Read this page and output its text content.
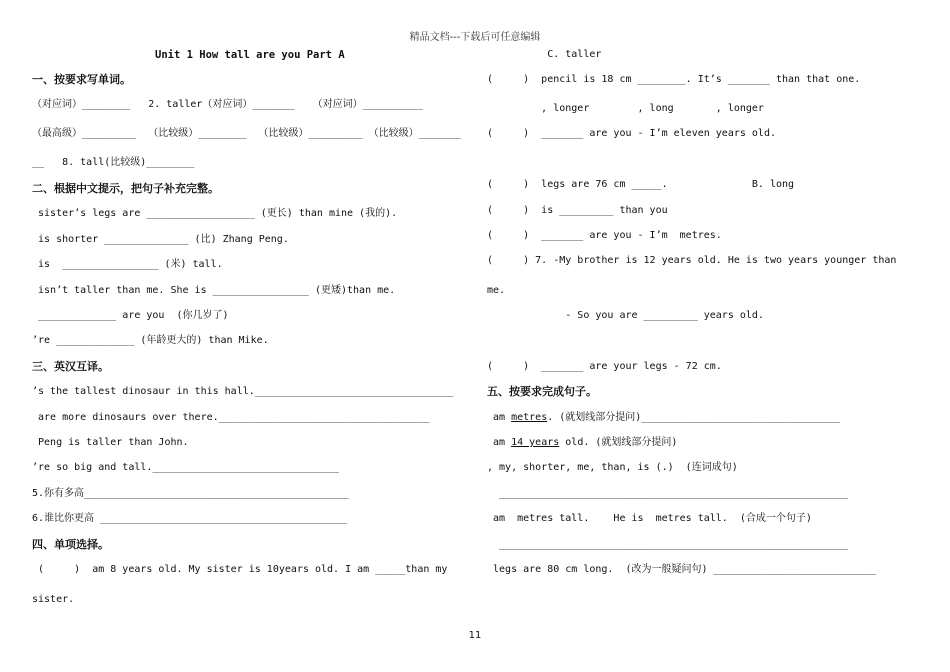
精品文档---下载后可任意编辑
Unit 1 How tall are you Part A
一、按要求写单词。
（对应词）________   2. taller（对应词）_______   （对应词）__________
（最高级）_________  （比较级）________  （比较级）_________ （比较级）_______
__   8. tall(比较级)________
二、根据中文提示，把句子补充完整。
sister’s legs are __________________ (更长) than mine (我的).
is shorter ______________ (比) Zhang Peng.
is  ________________ (米) tall.
isn’t taller than me. She is ________________ (更矮)than me.
_____________ are you  (你几岁了)
’re _____________ (年龄更大的) than Mike.
三、英汉互译。
’s the tallest dinosaur in this hall._________________________________
are more dinosaurs over there.___________________________________
Peng is taller than John.
’re so big and tall._______________________________
5.你有多高____________________________________________
6.谁比你更高 _________________________________________
四、单项选择。
(     )  am 8 years old. My sister is 10years old. I am _____than my
sister.
C. taller
(     )  pencil is 18 cm ________. It’s _______ than that one.
, longer        , long       , longer
(     )  _______ are you - I’m eleven years old.
(     )  legs are 76 cm _____.              B. long
(     )  is _________ than you
(     )  _______ are you - I’m  metres.
(     ) 7. -My brother is 12 years old. He is two years younger than
me.
- So you are _________ years old.
(     )  _______ are your legs - 72 cm.
五、按要求完成句子。
am metres. (就划线部分提问)_________________________________
am 14 years old. (就划线部分提问)
, my, shorter, me, than, is (.)  (连词成句)
__________________________________________________________
am  metres tall.    He is  metres tall.  (合成一个句子)
__________________________________________________________
legs are 80 cm long.  (改为一般疑问句) ___________________________
11
